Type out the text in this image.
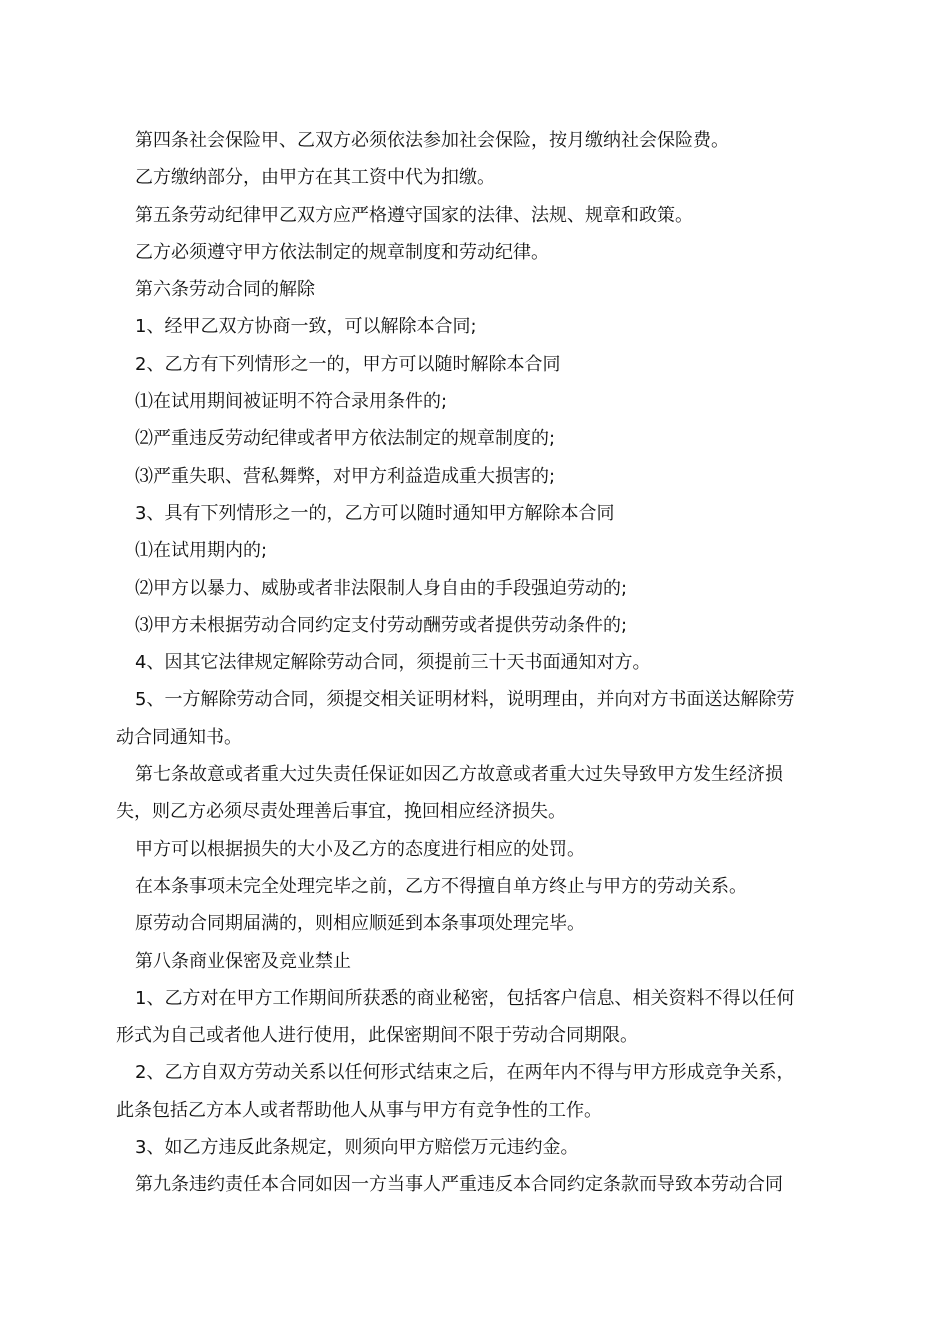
第四条社会保险甲、乙双方必须依法参加社会保险，按月缴纳社会保险费。
乙方缴纳部分，由甲方在其工资中代为扣缴。
第五条劳动纪律甲乙双方应严格遵守国家的法律、法规、规章和政策。
乙方必须遵守甲方依法制定的规章制度和劳动纪律。
第六条劳动合同的解除
1、经甲乙双方协商一致，可以解除本合同;
2、乙方有下列情形之一的，甲方可以随时解除本合同
⑴在试用期间被证明不符合录用条件的;
⑵严重违反劳动纪律或者甲方依法制定的规章制度的;
⑶严重失职、营私舞弊，对甲方利益造成重大损害的;
3、具有下列情形之一的，乙方可以随时通知甲方解除本合同
⑴在试用期内的;
⑵甲方以暴力、威胁或者非法限制人身自由的手段强迫劳动的;
⑶甲方未根据劳动合同约定支付劳动酬劳或者提供劳动条件的;
4、因其它法律规定解除劳动合同，须提前三十天书面通知对方。
5、一方解除劳动合同，须提交相关证明材料，说明理由，并向对方书面送达解除劳
动合同通知书。
第七条故意或者重大过失责任保证如因乙方故意或者重大过失导致甲方发生经济损
失，则乙方必须尽责处理善后事宜，挽回相应经济损失。
甲方可以根据损失的大小及乙方的态度进行相应的处罚。
在本条事项未完全处理完毕之前，乙方不得擅自单方终止与甲方的劳动关系。
原劳动合同期届满的，则相应顺延到本条事项处理完毕。
第八条商业保密及竞业禁止
1、乙方对在甲方工作期间所获悉的商业秘密，包括客户信息、相关资料不得以任何
形式为自己或者他人进行使用，此保密期间不限于劳动合同期限。
2、乙方自双方劳动关系以任何形式结束之后，在两年内不得与甲方形成竞争关系，
此条包括乙方本人或者帮助他人从事与甲方有竞争性的工作。
3、如乙方违反此条规定，则须向甲方赔偿万元违约金。
第九条违约责任本合同如因一方当事人严重违反本合同约定条款而导致本劳动合同
